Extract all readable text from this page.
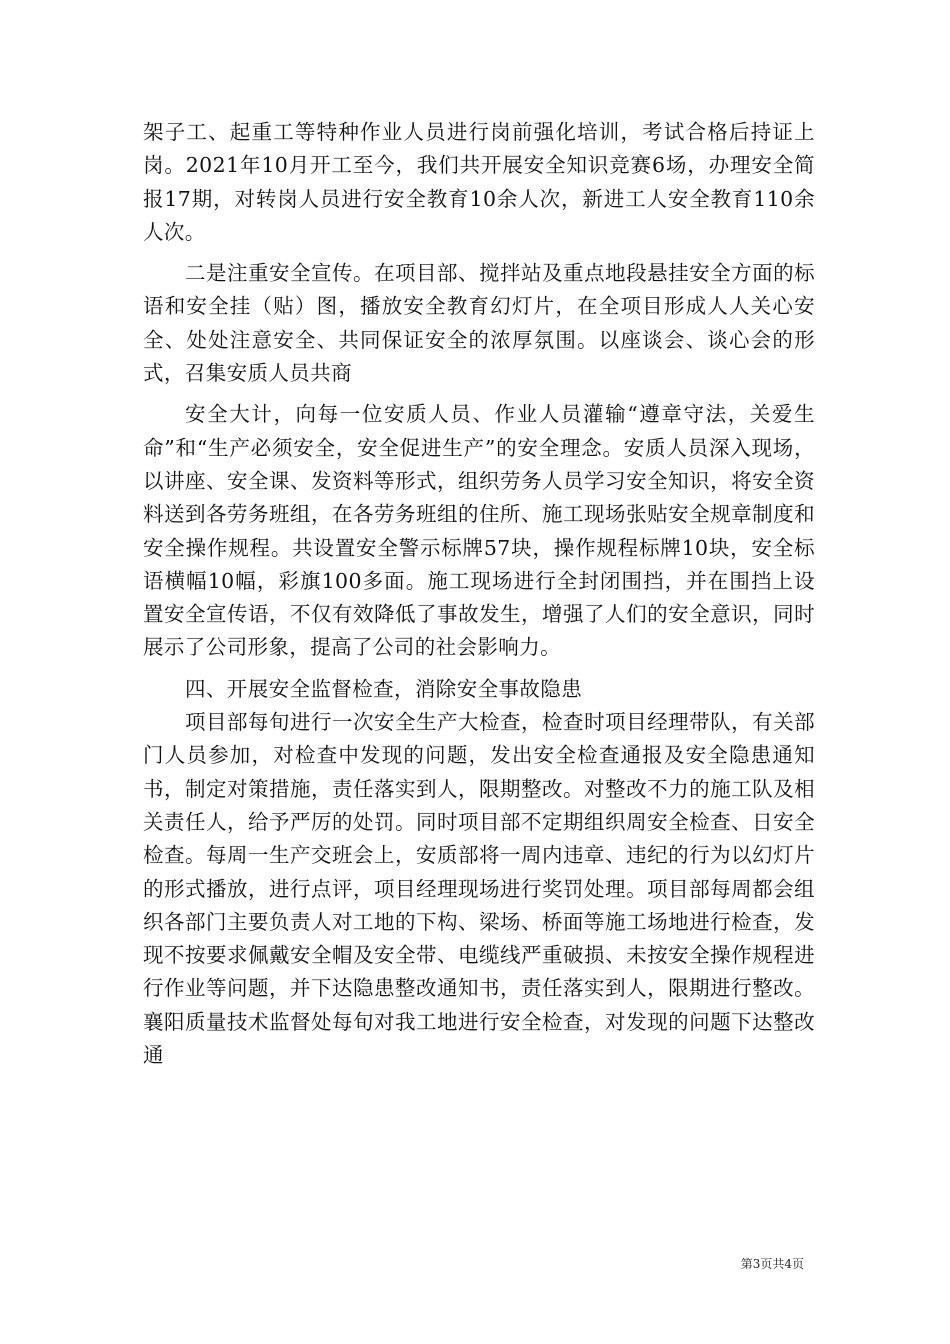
架子工、起重工等特种作业人员进行岗前强化培训，考试合格后持证上岗。2021年10月开工至今，我们共开展安全知识竞赛6场，办理安全简报17期，对转岗人员进行安全教育10余人次，新进工人安全教育110余人次。

二是注重安全宣传。在项目部、搅拌站及重点地段悬挂安全方面的标语和安全挂（贴）图，播放安全教育幻灯片，在全项目形成人人关心安全、处处注意安全、共同保证安全的浓厚氛围。以座谈会、谈心会的形式，召集安质人员共商

安全大计，向每一位安质人员、作业人员灌输“遵章守法，关爱生命”和“生产必须安全，安全促进生产”的安全理念。安质人员深入现场，以讲座、安全课、发资料等形式，组织劳务人员学习安全知识，将安全资料送到各劳务班组，在各劳务班组的住所、施工现场张贴安全规章制度和安全操作规程。共设置安全警示标牌57块，操作规程标牌10块，安全标语横幅10幅，彩旗100多面。施工现场进行全封闭围挡，并在围挡上设置安全宣传语，不仅有效降低了事故发生，增强了人们的安全意识，同时展示了公司形象，提高了公司的社会影响力。

四、开展安全监督检查，消除安全事故隐患

项目部每旬进行一次安全生产大检查，检查时项目经理带队，有关部门人员参加，对检查中发现的问题，发出安全检查通报及安全隐患通知书，制定对策措施，责任落实到人，限期整改。对整改不力的施工队及相关责任人，给予严厉的处罚。同时项目部不定期组织周安全检查、日安全检查。每周一生产交班会上，安质部将一周内违章、违纪的行为以幻灯片的形式播放，进行点评，项目经理现场进行奖罚处理。项目部每周都会组织各部门主要负责人对工地的下构、梁场、桥面等施工场地进行检查，发现不按要求佩戴安全帽及安全带、电缆线严重破损、未按安全操作规程进行作业等问题，并下达隐患整改通知书，责任落实到人，限期进行整改。襄阳质量技术监督处每旬对我工地进行安全检查，对发现的问题下达整改通

第3页共4页
